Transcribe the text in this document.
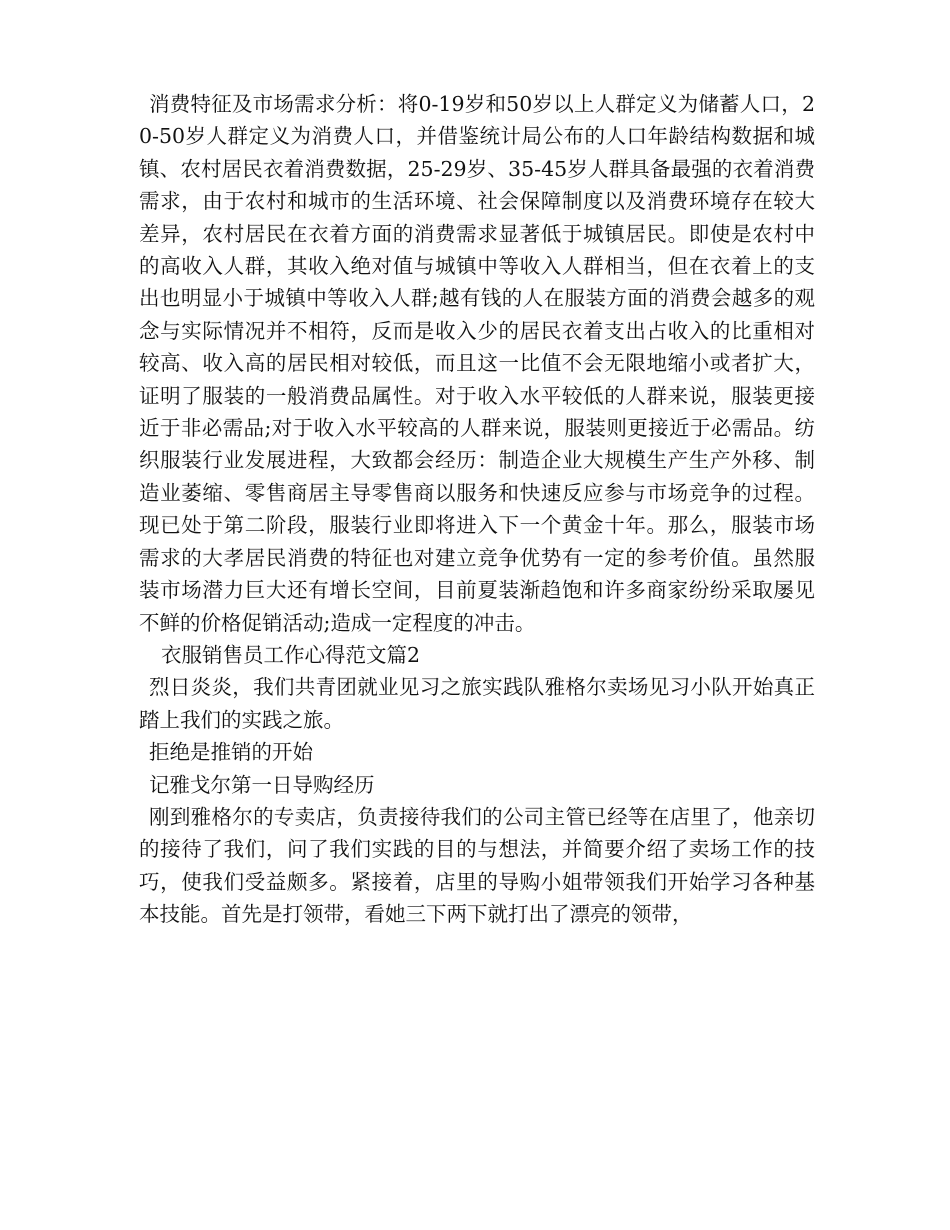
消费特征及市场需求分析：将0-19岁和50岁以上人群定义为储蓄人口，20-50岁人群定义为消费人口，并借鉴统计局公布的人口年龄结构数据和城镇、农村居民衣着消费数据，25-29岁、35-45岁人群具备最强的衣着消费需求，由于农村和城市的生活环境、社会保障制度以及消费环境存在较大差异，农村居民在衣着方面的消费需求显著低于城镇居民。即使是农村中的高收入人群，其收入绝对值与城镇中等收入人群相当，但在衣着上的支出也明显小于城镇中等收入人群;越有钱的人在服装方面的消费会越多的观念与实际情况并不相符，反而是收入少的居民衣着支出占收入的比重相对较高、收入高的居民相对较低，而且这一比值不会无限地缩小或者扩大，证明了服装的一般消费品属性。对于收入水平较低的人群来说，服装更接近于非必需品;对于收入水平较高的人群来说，服装则更接近于必需品。纺织服装行业发展进程，大致都会经历：制造企业大规模生产生产外移、制造业萎缩、零售商居主导零售商以服务和快速反应参与市场竞争的过程。现已处于第二阶段，服装行业即将进入下一个黄金十年。那么，服装市场需求的大孝居民消费的特征也对建立竞争优势有一定的参考价值。虽然服装市场潜力巨大还有增长空间，目前夏装渐趋饱和许多商家纷纷采取屡见不鲜的价格促销活动;造成一定程度的冲击。

衣服销售员工作心得范文篇2

烈日炎炎，我们共青团就业见习之旅实践队雅格尔卖场见习小队开始真正踏上我们的实践之旅。

拒绝是推销的开始

记雅戈尔第一日导购经历

刚到雅格尔的专卖店，负责接待我们的公司主管已经等在店里了，他亲切的接待了我们，问了我们实践的目的与想法，并简要介绍了卖场工作的技巧，使我们受益颇多。紧接着，店里的导购小姐带领我们开始学习各种基本技能。首先是打领带，看她三下两下就打出了漂亮的领带，
